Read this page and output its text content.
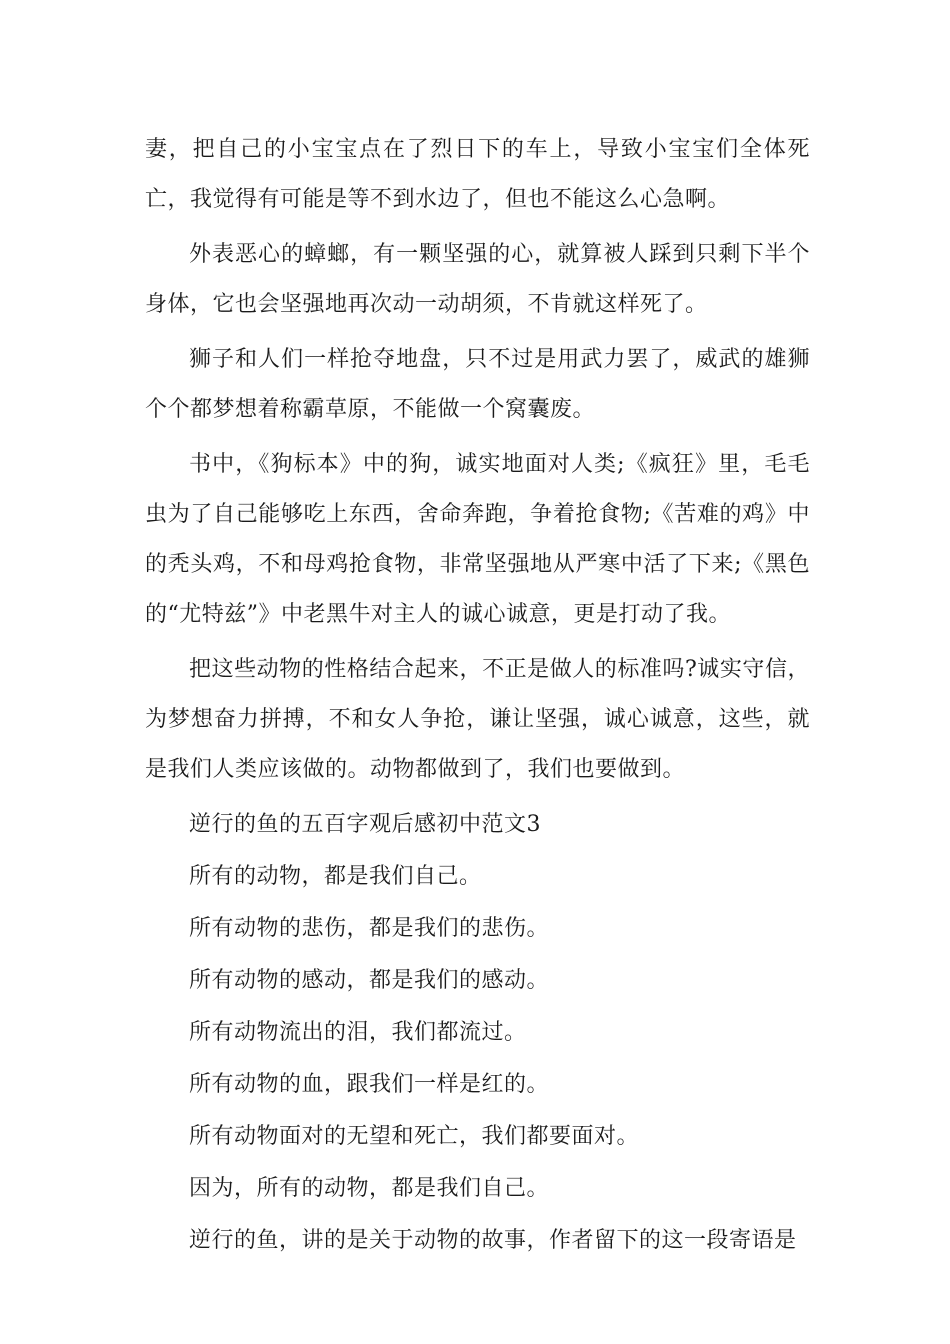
妻，把自己的小宝宝点在了烈日下的车上，导致小宝宝们全体死亡，我觉得有可能是等不到水边了，但也不能这么心急啊。

外表恶心的蟑螂，有一颗坚强的心，就算被人踩到只剩下半个身体，它也会坚强地再次动一动胡须，不肯就这样死了。

狮子和人们一样抢夺地盘，只不过是用武力罢了，威武的雄狮个个都梦想着称霸草原，不能做一个窝囊废。

书中，《狗标本》中的狗，诚实地面对人类;《疯狂》里，毛毛虫为了自己能够吃上东西，舍命奔跑，争着抢食物;《苦难的鸡》中的秃头鸡，不和母鸡抢食物，非常坚强地从严寒中活了下来;《黑色的“尤特兹”》中老黑牛对主人的诚心诚意，更是打动了我。

把这些动物的性格结合起来，不正是做人的标准吗?诚实守信，为梦想奋力拼搏，不和女人争抢，谦让坚强，诚心诚意，这些，就是我们人类应该做的。动物都做到了，我们也要做到。

逆行的鱼的五百字观后感初中范文3

所有的动物，都是我们自己。

所有动物的悲伤，都是我们的悲伤。

所有动物的感动，都是我们的感动。

所有动物流出的泪，我们都流过。

所有动物的血，跟我们一样是红的。

所有动物面对的无望和死亡，我们都要面对。

因为，所有的动物，都是我们自己。

逆行的鱼，讲的是关于动物的故事，作者留下的这一段寄语是
